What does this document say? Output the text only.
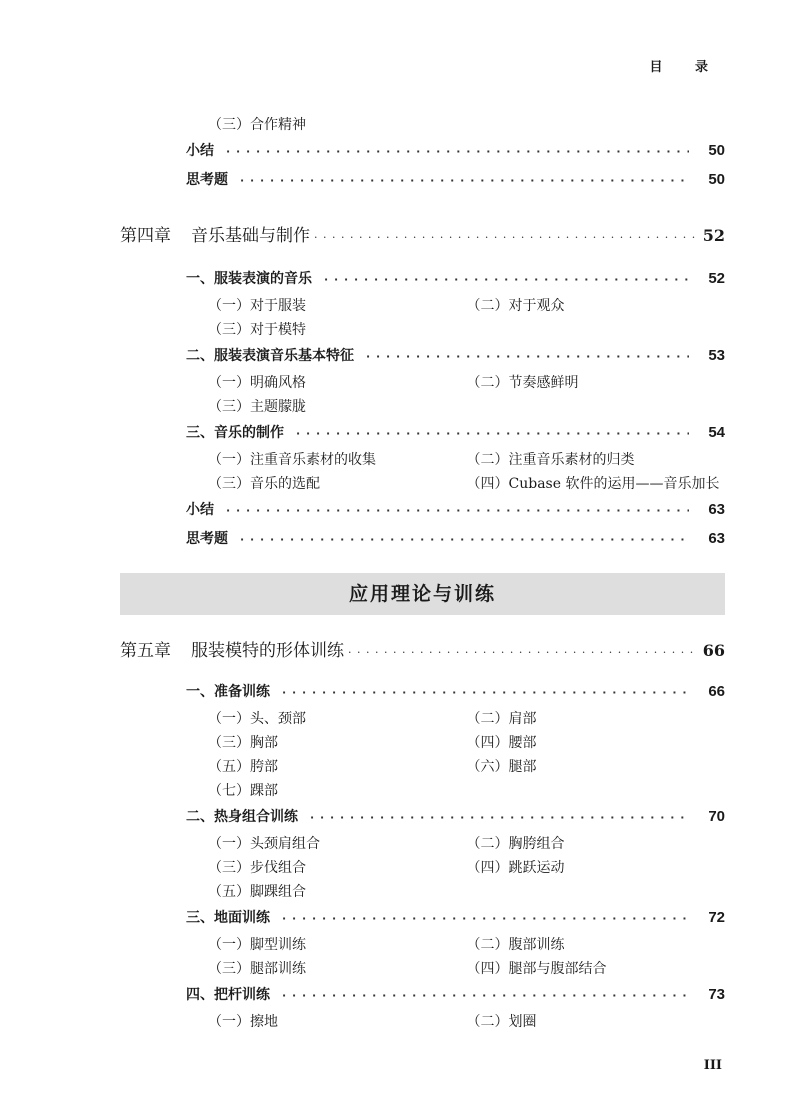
目 录
（三）合作精神
小结 · · ·	50
思考题 · · ·	50
第四章 音乐基础与制作 · · ·	52
一、服装表演的音乐 · · ·	52
（一）对于服装	（二）对于观众
（三）对于模特
二、服装表演音乐基本特征 · · ·	53
（一）明确风格	（二）节奏感鲜明
（三）主题朦胧
三、音乐的制作 · · ·	54
（一）注重音乐素材的收集	（二）注重音乐素材的归类
（三）音乐的选配	（四）Cubase 软件的运用——音乐加长
小结 · · ·	63
思考题 · · ·	63
应用理论与训练
第五章 服装模特的形体训练 · · ·	66
一、准备训练 · · ·	66
（一）头、颈部	（二）肩部
（三）胸部	（四）腰部
（五）胯部	（六）腿部
（七）踝部
二、热身组合训练 · · ·	70
（一）头颈肩组合	（二）胸胯组合
（三）步伐组合	（四）跳跃运动
（五）脚踝组合
三、地面训练 · · ·	72
（一）脚型训练	（二）腹部训练
（三）腿部训练	（四）腿部与腹部结合
四、把杆训练 · · ·	73
（一）擦地	（二）划圈
III
